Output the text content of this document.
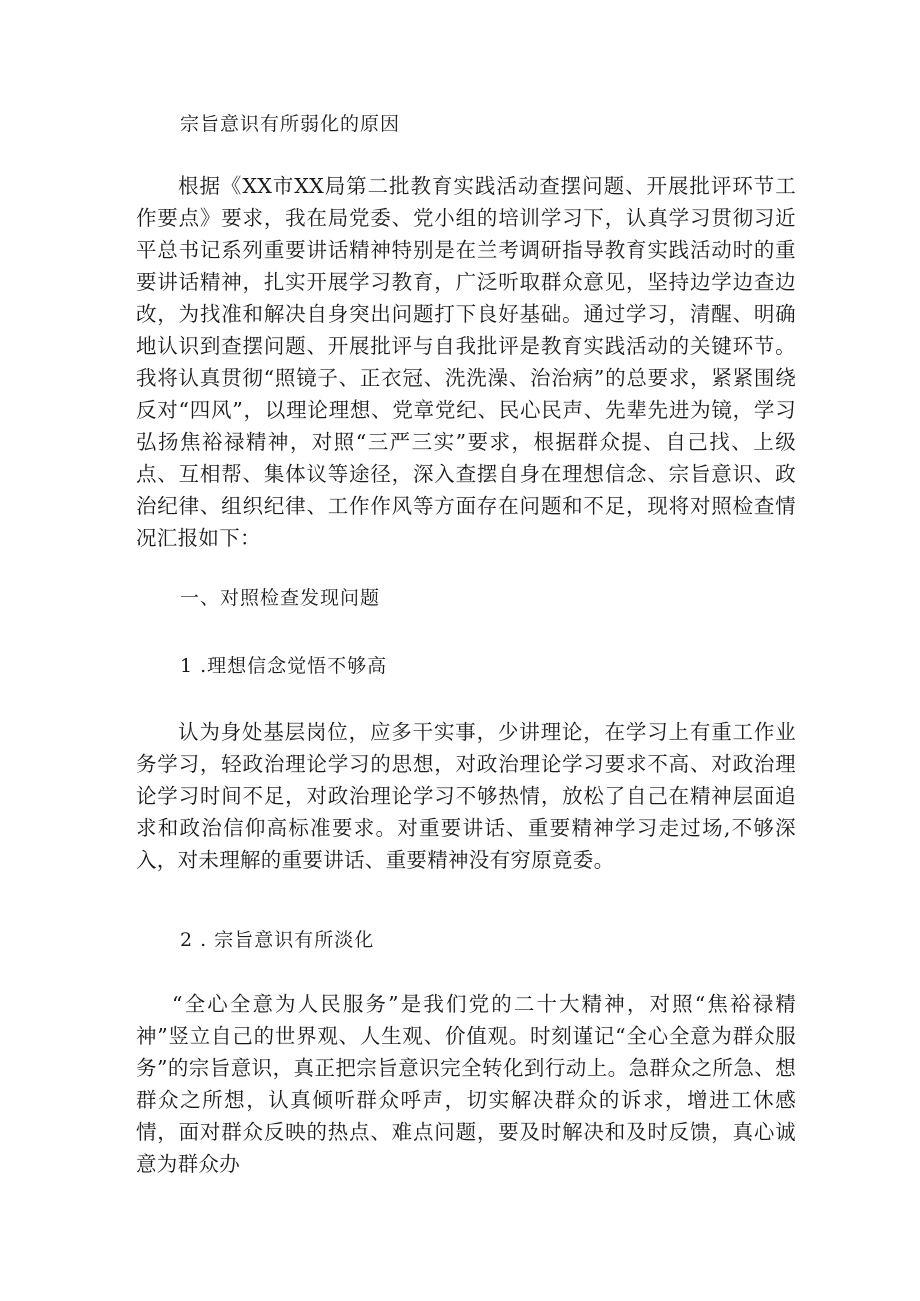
宗旨意识有所弱化的原因
根据《XX市XX局第二批教育实践活动查摆问题、开展批评环节工作要点》要求，我在局党委、党小组的培训学习下，认真学习贯彻习近平总书记系列重要讲话精神特别是在兰考调研指导教育实践活动时的重要讲话精神，扎实开展学习教育，广泛听取群众意见，坚持边学边查边改，为找准和解决自身突出问题打下良好基础。通过学习，清醒、明确地认识到查摆问题、开展批评与自我批评是教育实践活动的关键环节。我将认真贯彻“照镜子、正衣冠、洗洗澡、治治病”的总要求，紧紧围绕反对“四风”，以理论理想、党章党纪、民心民声、先辈先进为镜，学习弘扬焦裕禄精神，对照“三严三实”要求，根据群众提、自己找、上级点、互相帮、集体议等途径，深入查摆自身在理想信念、宗旨意识、政治纪律、组织纪律、工作作风等方面存在问题和不足，现将对照检查情况汇报如下：
一、对照检查发现问题
1 .理想信念觉悟不够高
认为身处基层岗位，应多干实事，少讲理论，在学习上有重工作业务学习，轻政治理论学习的思想，对政治理论学习要求不高、对政治理论学习时间不足，对政治理论学习不够热情，放松了自己在精神层面追求和政治信仰高标准要求。对重要讲话、重要精神学习走过场,不够深入，对未理解的重要讲话、重要精神没有穷原竟委。
2 . 宗旨意识有所淡化
“全心全意为人民服务”是我们党的二十大精神，对照“焦裕禄精神”竖立自己的世界观、人生观、价值观。时刻谨记“全心全意为群众服务”的宗旨意识，真正把宗旨意识完全转化到行动上。急群众之所急、想群众之所想，认真倾听群众呼声，切实解决群众的诉求，增进工休感情，面对群众反映的热点、难点问题，要及时解决和及时反馈，真心诚意为群众办
